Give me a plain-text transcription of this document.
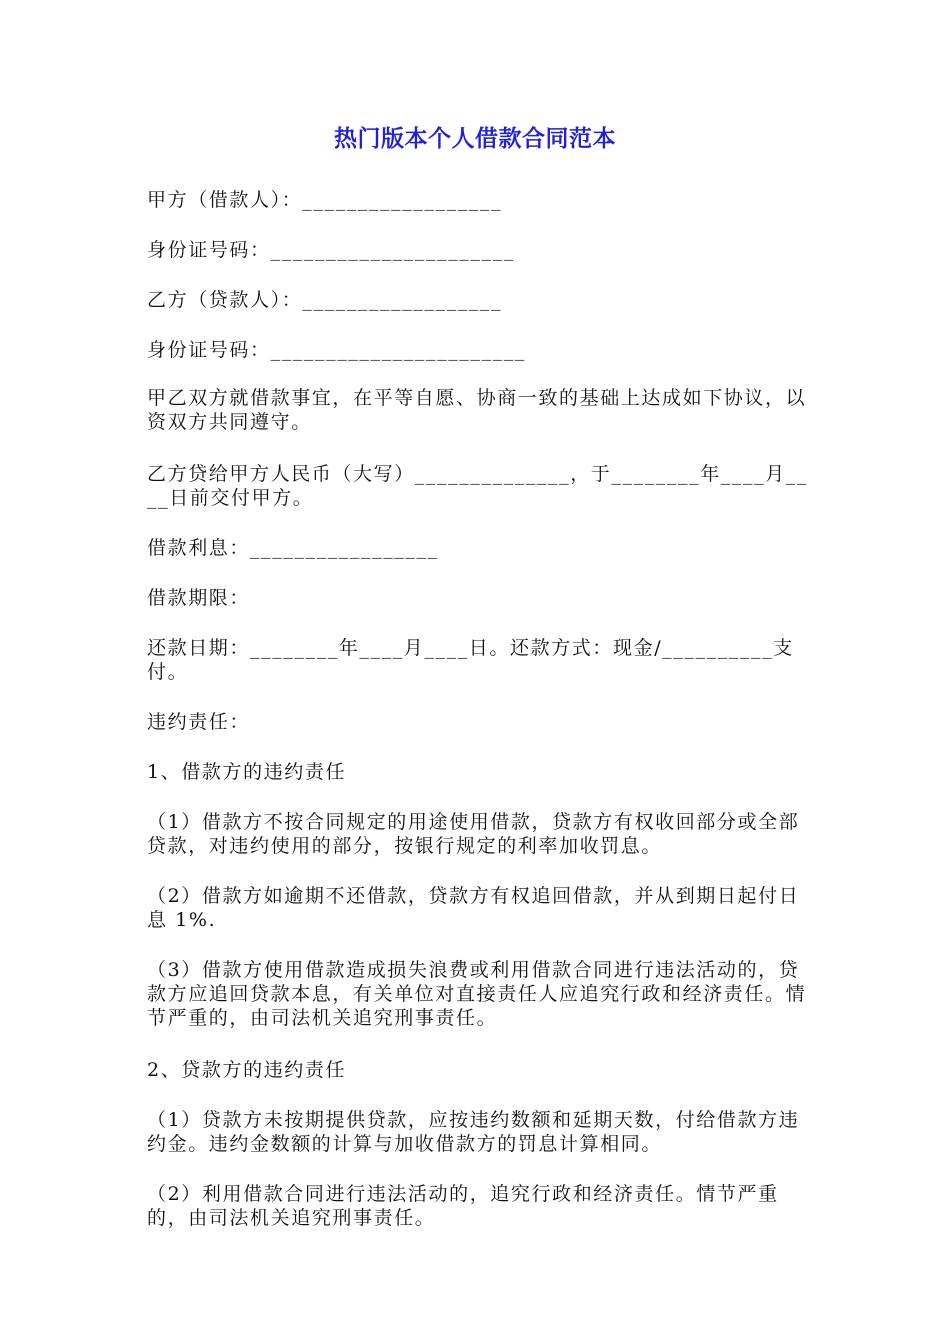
热门版本个人借款合同范本
甲方（借款人）：__________________
身份证号码：______________________
乙方（贷款人）：__________________
身份证号码：_______________________
甲乙双方就借款事宜，在平等自愿、协商一致的基础上达成如下协议，以资双方共同遵守。
乙方贷给甲方人民币（大写）______________，于________年____月____日前交付甲方。
借款利息：_________________
借款期限：
还款日期：________年____月____日。还款方式：现金/__________支付。
违约责任：
1、借款方的违约责任
（1）借款方不按合同规定的用途使用借款，贷款方有权收回部分或全部贷款，对违约使用的部分，按银行规定的利率加收罚息。
（2）借款方如逾期不还借款，贷款方有权追回借款，并从到期日起付日息 1%.
（3）借款方使用借款造成损失浪费或利用借款合同进行违法活动的，贷款方应追回贷款本息，有关单位对直接责任人应追究行政和经济责任。情节严重的，由司法机关追究刑事责任。
2、贷款方的违约责任
（1）贷款方未按期提供贷款，应按违约数额和延期天数，付给借款方违约金。违约金数额的计算与加收借款方的罚息计算相同。
（2）利用借款合同进行违法活动的，追究行政和经济责任。情节严重的，由司法机关追究刑事责任。
